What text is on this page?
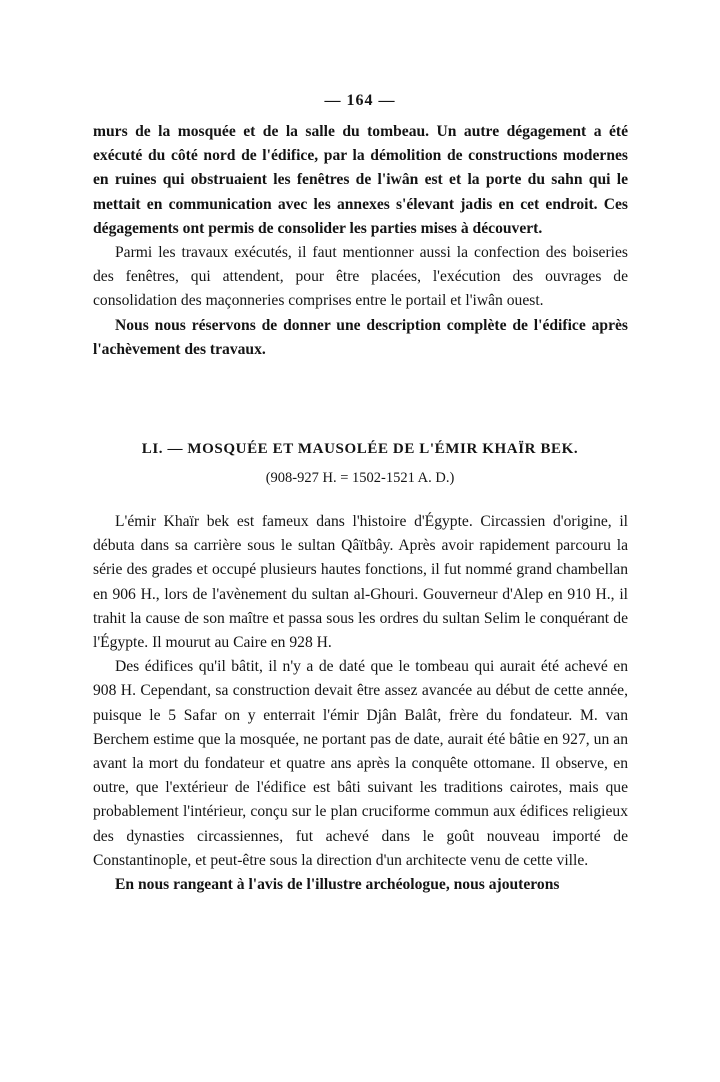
— 164 —

murs de la mosquée et de la salle du tombeau. Un autre dégagement a été exécuté du côté nord de l'édifice, par la démolition de constructions modernes en ruines qui obstruaient les fenêtres de l'iwân est et la porte du sahn qui le mettait en communication avec les annexes s'élevant jadis en cet endroit. Ces dégagements ont permis de consolider les parties mises à découvert.

Parmi les travaux exécutés, il faut mentionner aussi la confection des boiseries des fenêtres, qui attendent, pour être placées, l'exécution des ouvrages de consolidation des maçonneries comprises entre le portail et l'iwân ouest.

Nous nous réservons de donner une description complète de l'édifice après l'achèvement des travaux.

LI. — MOSQUÉE ET MAUSOLÉE DE L'ÉMIR KHAÏR BEK.
(908-927 H. = 1502-1521 A. D.)

L'émir Khaïr bek est fameux dans l'histoire d'Égypte. Circassien d'origine, il débuta dans sa carrière sous le sultan Qâïtbây. Après avoir rapidement parcouru la série des grades et occupé plusieurs hautes fonctions, il fut nommé grand chambellan en 906 H., lors de l'avènement du sultan al-Ghouri. Gouverneur d'Alep en 910 H., il trahit la cause de son maître et passa sous les ordres du sultan Selim le conquérant de l'Égypte. Il mourut au Caire en 928 H.

Des édifices qu'il bâtit, il n'y a de daté que le tombeau qui aurait été achevé en 908 H. Cependant, sa construction devait être assez avancée au début de cette année, puisque le 5 Safar on y enterrait l'émir Djân Balât, frère du fondateur. M. van Berchem estime que la mosquée, ne portant pas de date, aurait été bâtie en 927, un an avant la mort du fondateur et quatre ans après la conquête ottomane. Il observe, en outre, que l'extérieur de l'édifice est bâti suivant les traditions cairotes, mais que probablement l'intérieur, conçu sur le plan cruciforme commun aux édifices religieux des dynasties circassiennes, fut achevé dans le goût nouveau importé de Constantinople, et peut-être sous la direction d'un architecte venu de cette ville.

En nous rangeant à l'avis de l'illustre archéologue, nous ajouterons
